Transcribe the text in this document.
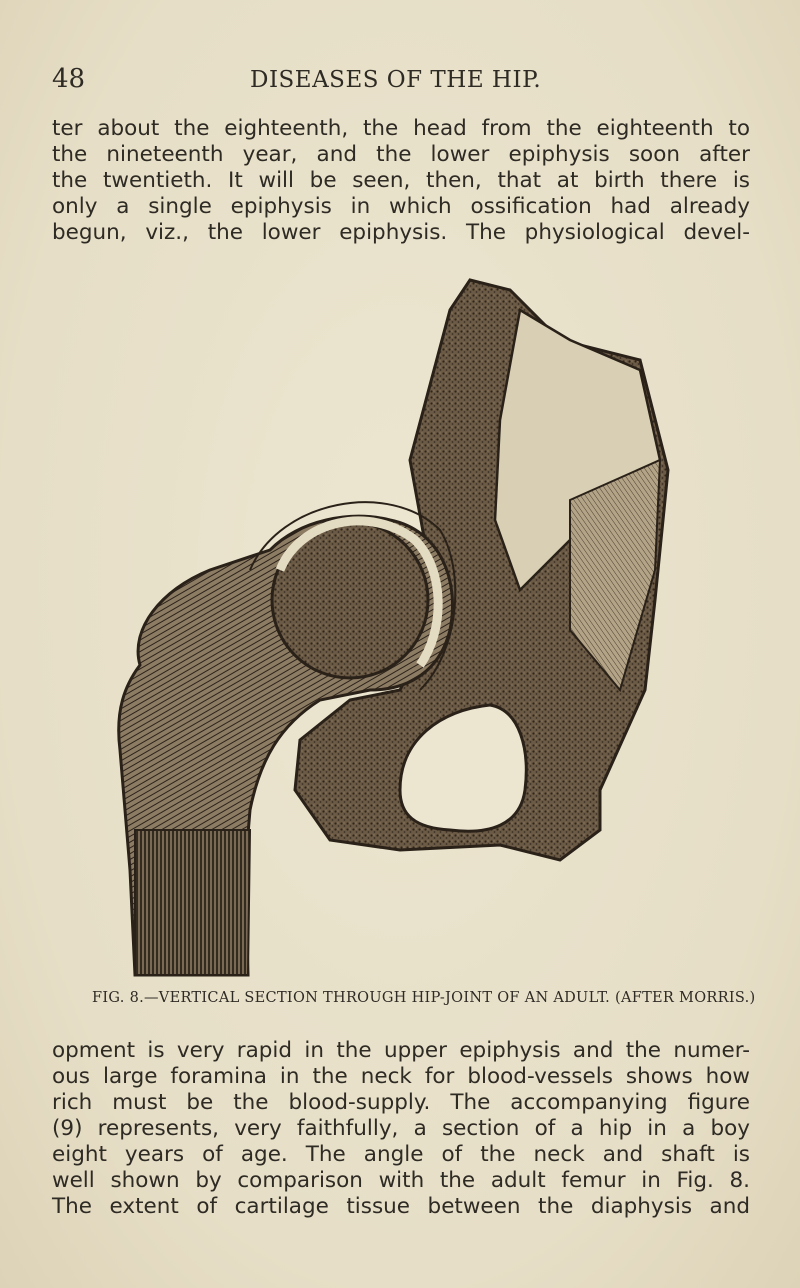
48	DISEASES OF THE HIP.
ter about the eighteenth, the head from the eighteenth to
the nineteenth year, and the lower epiphysis soon after
the twentieth. It will be seen, then, that at birth there is
only a single epiphysis in which ossification had already
begun, viz., the lower epiphysis. The physiological devel-
FIG. 8.—VERTICAL SECTION THROUGH HIP-JOINT OF AN ADULT. (AFTER MORRIS.)
opment is very rapid in the upper epiphysis and the numer-
ous large foramina in the neck for blood-vessels shows how
rich must be the blood-supply. The accompanying figure
(9) represents, very faithfully, a section of a hip in a boy
eight years of age. The angle of the neck and shaft is
well shown by comparison with the adult femur in Fig. 8.
The extent of cartilage tissue between the diaphysis and
